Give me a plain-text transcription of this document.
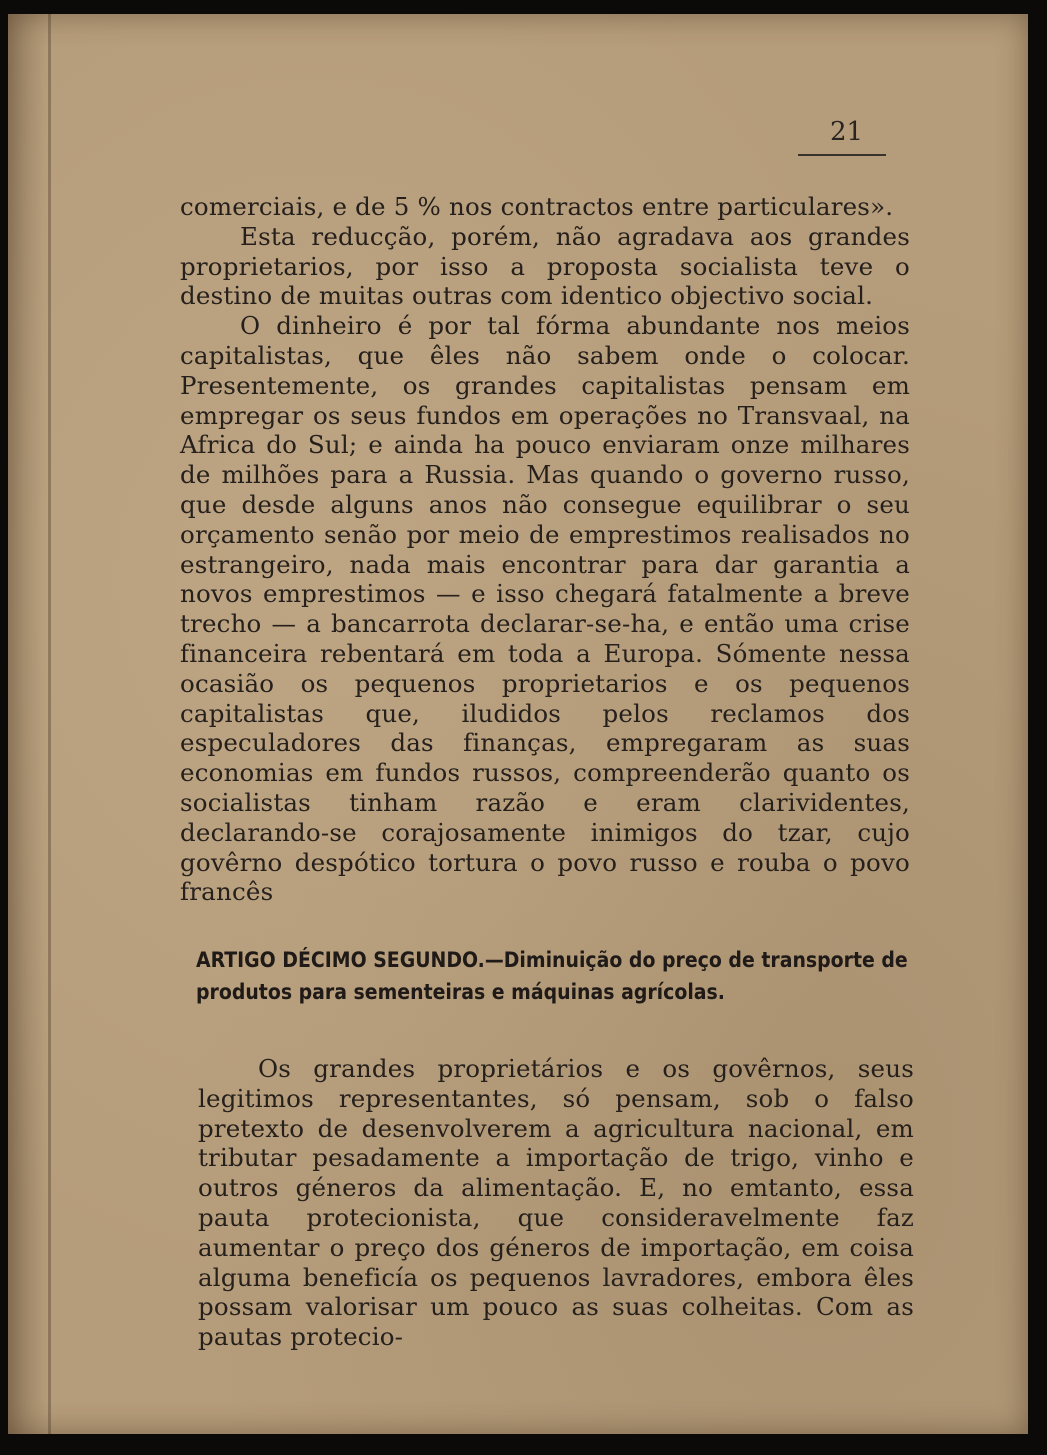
21

comerciais, e de 5 % nos contractos entre particulares».

Esta reducção, porém, não agradava aos grandes proprietarios, por isso a proposta socialista teve o destino de muitas outras com identico objectivo social.

O dinheiro é por tal fórma abundante nos meios capitalistas, que êles não sabem onde o colocar. Presentemente, os grandes capitalistas pensam em empregar os seus fundos em operações no Transvaal, na Africa do Sul; e ainda ha pouco enviaram onze milhares de milhões para a Russia. Mas quando o governo russo, que desde alguns anos não consegue equilibrar o seu orçamento senão por meio de emprestimos realisados no estrangeiro, nada mais encontrar para dar garantia a novos emprestimos — e isso chegará fatalmente a breve trecho — a bancarrota declarar-se-ha, e então uma crise financeira rebentará em toda a Europa. Sómente nessa ocasião os pequenos proprietarios e os pequenos capitalistas que, iludidos pelos reclamos dos especuladores das finanças, empregaram as suas economias em fundos russos, compreenderão quanto os socialistas tinham razão e eram clarividentes, declarando-se corajosamente inimigos do tzar, cujo govêrno despótico tortura o povo russo e rouba o povo francês

ARTIGO DÉCIMO SEGUNDO.—Diminuição do preço de transporte de produtos para sementeiras e máquinas agrícolas.

Os grandes proprietários e os govêrnos, seus legitimos representantes, só pensam, sob o falso pretexto de desenvolverem a agricultura nacional, em tributar pesadamente a importação de trigo, vinho e outros géneros da alimentação. E, no emtanto, essa pauta protecionista, que consideravelmente faz aumentar o preço dos géneros de importação, em coisa alguma beneficía os pequenos lavradores, embora êles possam valorisar um pouco as suas colheitas. Com as pautas protecio-
